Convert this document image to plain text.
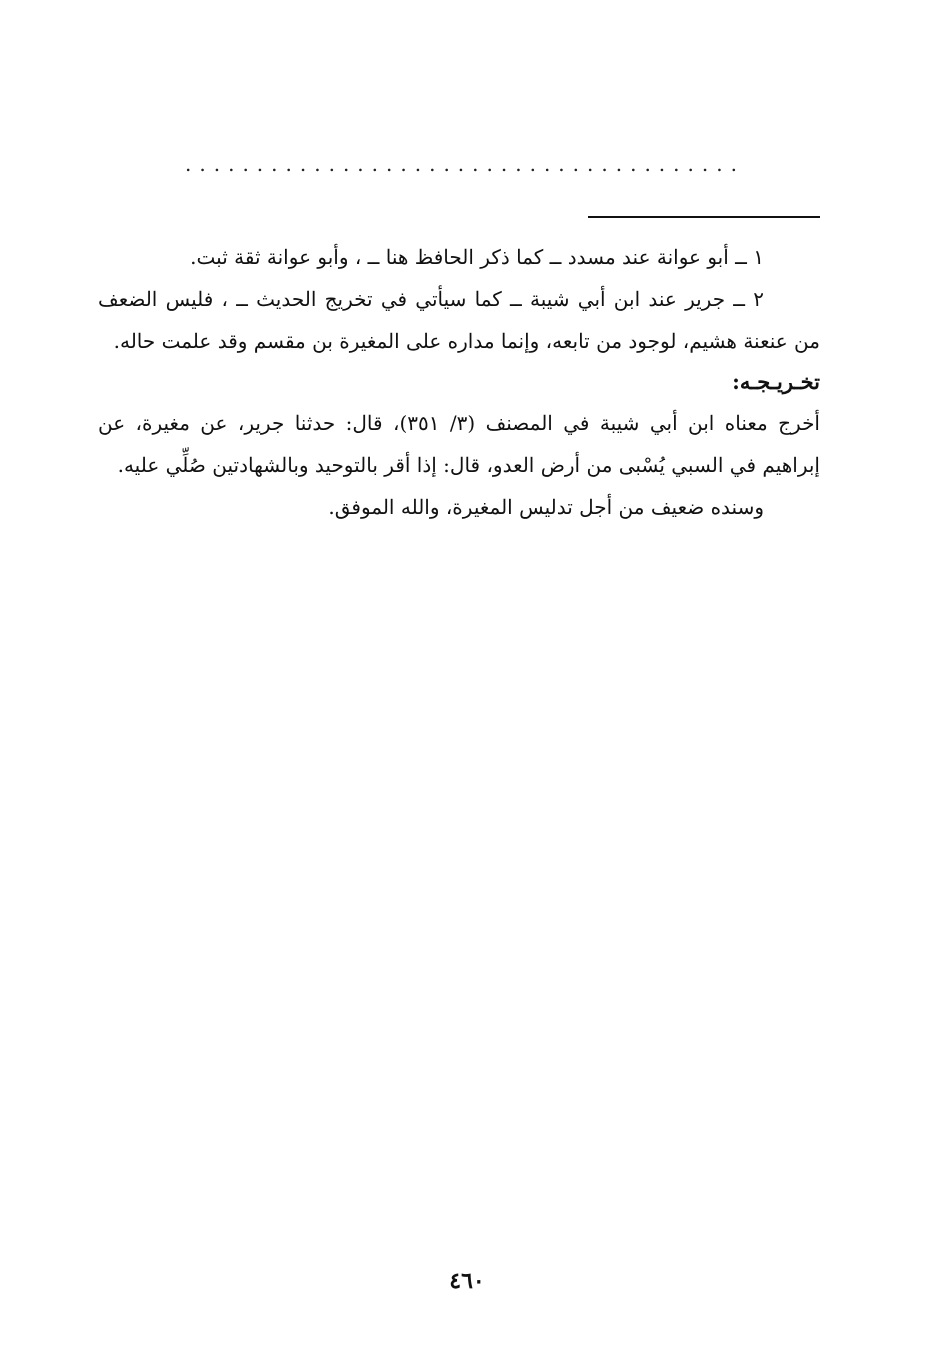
.......................................

١ ــ أبو عوانة عند مسدد ــ كما ذكر الحافظ هنا ــ ، وأبو عوانة ثقة ثبت.

٢ ــ جرير عند ابن أبي شيبة ــ كما سيأتي في تخريج الحديث ــ ، فليس الضعف من عنعنة هشيم، لوجود من تابعه، وإنما مداره على المغيرة بن مقسم وقد علمت حاله.

تخـريـجـه:

أخرج معناه ابن أبي شيبة في المصنف (٣/ ٣٥١)، قال: حدثنا جرير، عن مغيرة، عن إبراهيم في السبي يُسْبى من أرض العدو، قال: إذا أقر بالتوحيد وبالشهادتين صُلِّي عليه.

وسنده ضعيف من أجل تدليس المغيرة، والله الموفق.

٤٦٠
